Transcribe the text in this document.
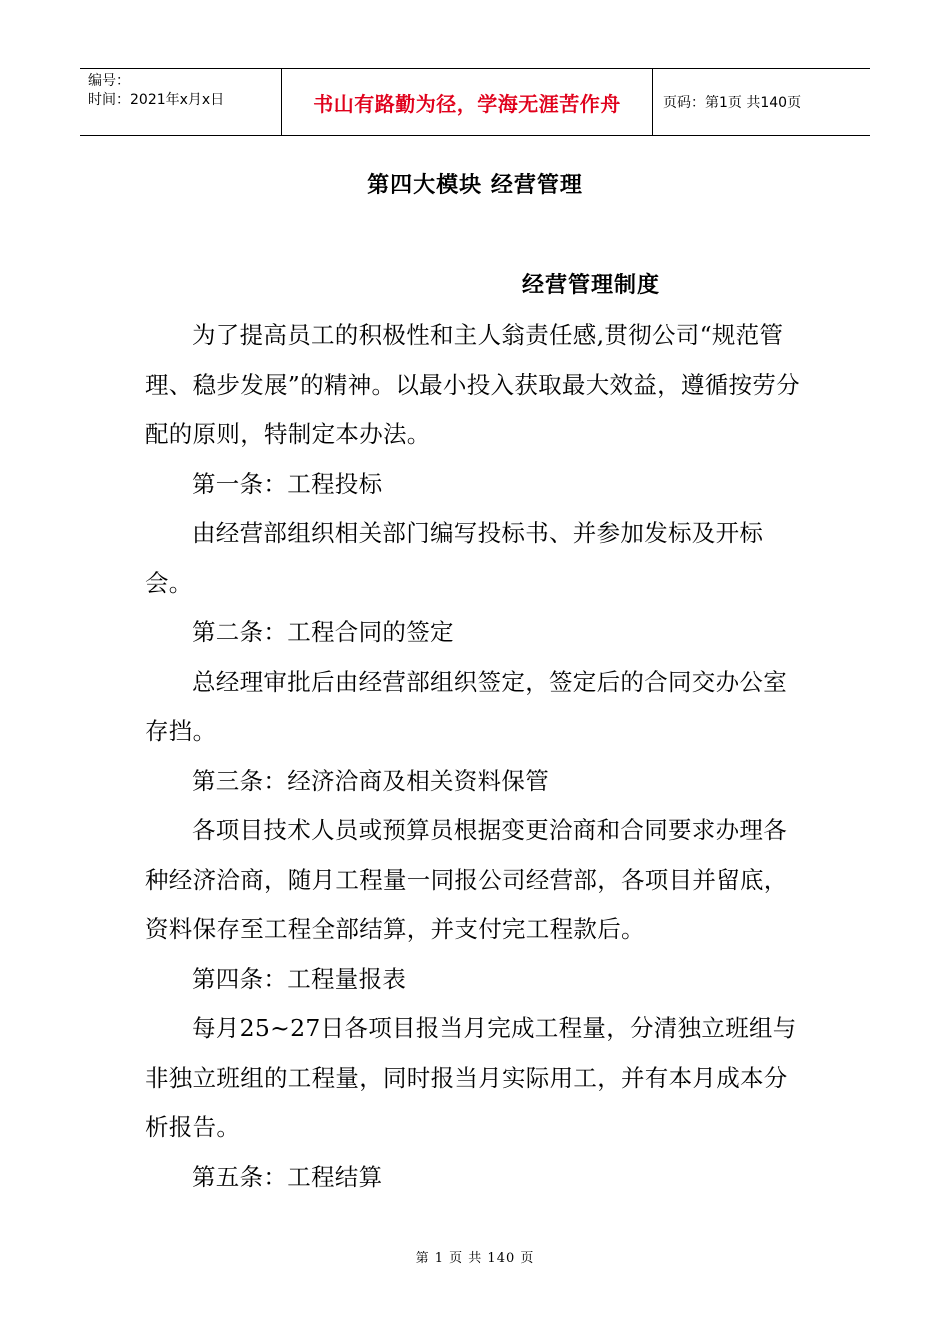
编号：
时间：2021年x月x日	书山有路勤为径，学海无涯苦作舟	页码：第1页 共140页
第四大模块 经营管理
经营管理制度

为了提高员工的积极性和主人翁责任感,贯彻公司“规范管理、稳步发展”的精神。以最小投入获取最大效益，遵循按劳分配的原则，特制定本办法。

第一条：工程投标

由经营部组织相关部门编写投标书、并参加发标及开标会。

第二条：工程合同的签定

总经理审批后由经营部组织签定，签定后的合同交办公室存挡。

第三条：经济洽商及相关资料保管

各项目技术人员或预算员根据变更洽商和合同要求办理各种经济洽商，随月工程量一同报公司经营部，各项目并留底，资料保存至工程全部结算，并支付完工程款后。

第四条：工程量报表

每月25~27日各项目报当月完成工程量，分清独立班组与非独立班组的工程量，同时报当月实际用工，并有本月成本分析报告。

第五条：工程结算

第 1 页 共 140 页
